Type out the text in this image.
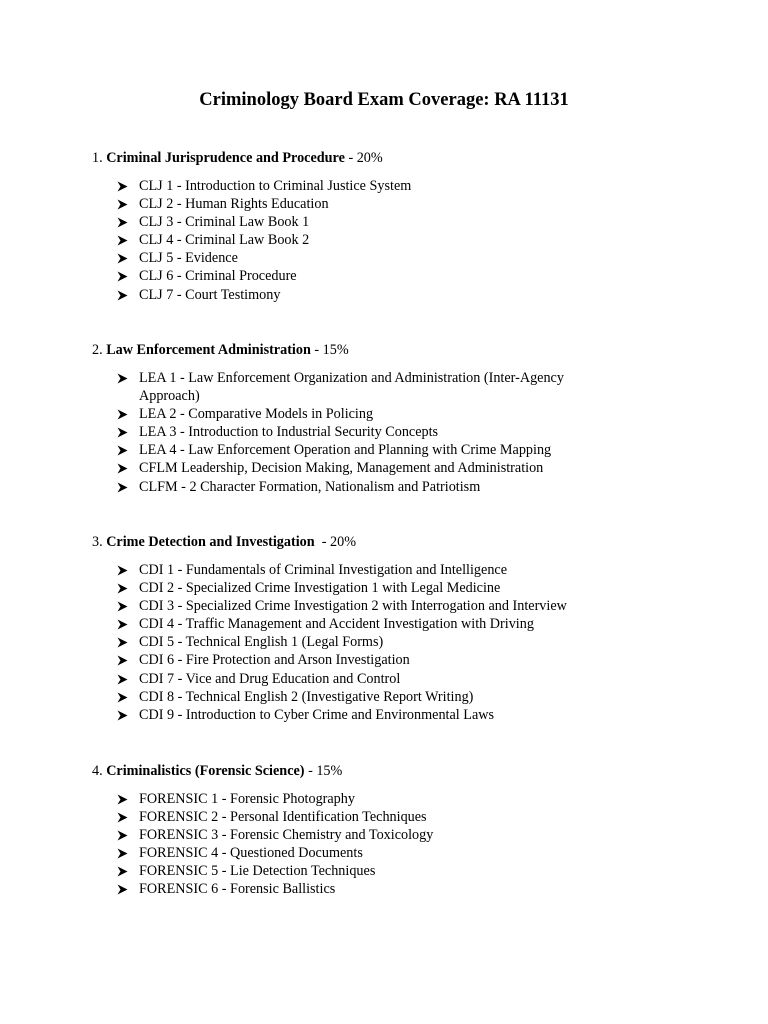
Criminology Board Exam Coverage: RA 11131

1. Criminal Jurisprudence and Procedure - 20%

CLJ 1 - Introduction to Criminal Justice System
CLJ 2 - Human Rights Education
CLJ 3 - Criminal Law Book 1
CLJ 4 - Criminal Law Book 2
CLJ 5 - Evidence
CLJ 6 - Criminal Procedure
CLJ 7 - Court Testimony

2. Law Enforcement Administration - 15%

LEA 1 - Law Enforcement Organization and Administration (Inter-Agency Approach)
LEA 2 - Comparative Models in Policing
LEA 3 - Introduction to Industrial Security Concepts
LEA 4 - Law Enforcement Operation and Planning with Crime Mapping
CFLM Leadership, Decision Making, Management and Administration
CLFM - 2 Character Formation, Nationalism and Patriotism

3. Crime Detection and Investigation  - 20%

CDI 1 - Fundamentals of Criminal Investigation and Intelligence
CDI 2 - Specialized Crime Investigation 1 with Legal Medicine
CDI 3 - Specialized Crime Investigation 2 with Interrogation and Interview
CDI 4 - Traffic Management and Accident Investigation with Driving
CDI 5 - Technical English 1 (Legal Forms)
CDI 6 - Fire Protection and Arson Investigation
CDI 7 - Vice and Drug Education and Control
CDI 8 - Technical English 2 (Investigative Report Writing)
CDI 9 - Introduction to Cyber Crime and Environmental Laws

4. Criminalistics (Forensic Science) - 15%

FORENSIC 1 - Forensic Photography
FORENSIC 2 - Personal Identification Techniques
FORENSIC 3 - Forensic Chemistry and Toxicology
FORENSIC 4 - Questioned Documents
FORENSIC 5 - Lie Detection Techniques
FORENSIC 6 - Forensic Ballistics
